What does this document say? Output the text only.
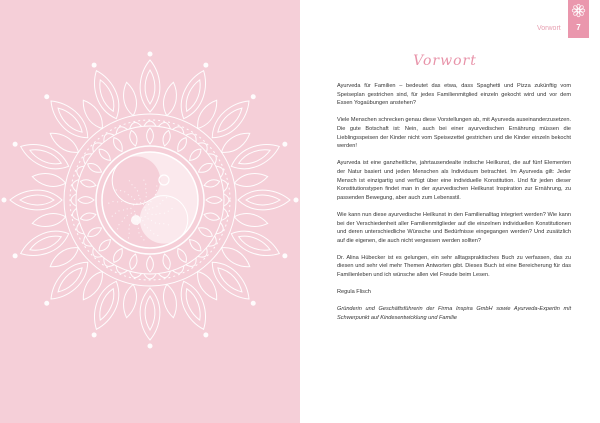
Vorwort	7
Vorwort

Ayurveda für Familien – bedeutet das etwa, dass Spaghetti und Pizza zukünftig vom Speiseplan gestrichen sind, für jedes Familienmitglied einzeln gekocht wird und vor dem Essen Yogaübungen anstehen?

Viele Menschen schrecken genau diese Vorstellungen ab, mit Ayurveda auseinanderzusetzen. Die gute Botschaft ist: Nein, auch bei einer ayurvedischen Ernährung müssen die Lieblingsspeisen der Kinder nicht vom Speisezettel gestrichen und die Kinder einzeln bekocht werden!

Ayurveda ist eine ganzheitliche, jahrtausendealte indische Heilkunst, die auf fünf Elementen der Natur basiert und jeden Menschen als Individuum betrachtet. Im Ayurveda gilt: Jeder Mensch ist einzigartig und verfügt über eine individuelle Konstitution. Und für jeden dieser Konstitutionstypen findet man in der ayurvedischen Heilkunst Inspiration zur Ernährung, zu passenden Bewegung, aber auch zum Lebensstil.

Wie kann nun diese ayurvedische Heilkunst in den Familienalltag integriert werden? Wie kann bei der Verschiedenheit aller Familienmitglieder auf die einzelnen individuellen Konstitutionen und deren unterschiedliche Wünsche und Bedürfnisse eingegangen werden? Und zusätzlich auf die eigenen, die auch nicht vergessen werden sollten?

Dr. Alina Hübecker ist es gelungen, ein sehr alltagspraktisches Buch zu verfassen, das zu diesen und sehr viel mehr Themen Antworten gibt. Dieses Buch ist eine Bereicherung für das Familienleben und ich wünsche allen viel Freude beim Lesen.

Regula Flisch

Gründerin und Geschäftsführerin der Firma Inspira GmbH sowie Ayurveda-Expertin mit Schwerpunkt auf Kindesentwicklung und Familie
